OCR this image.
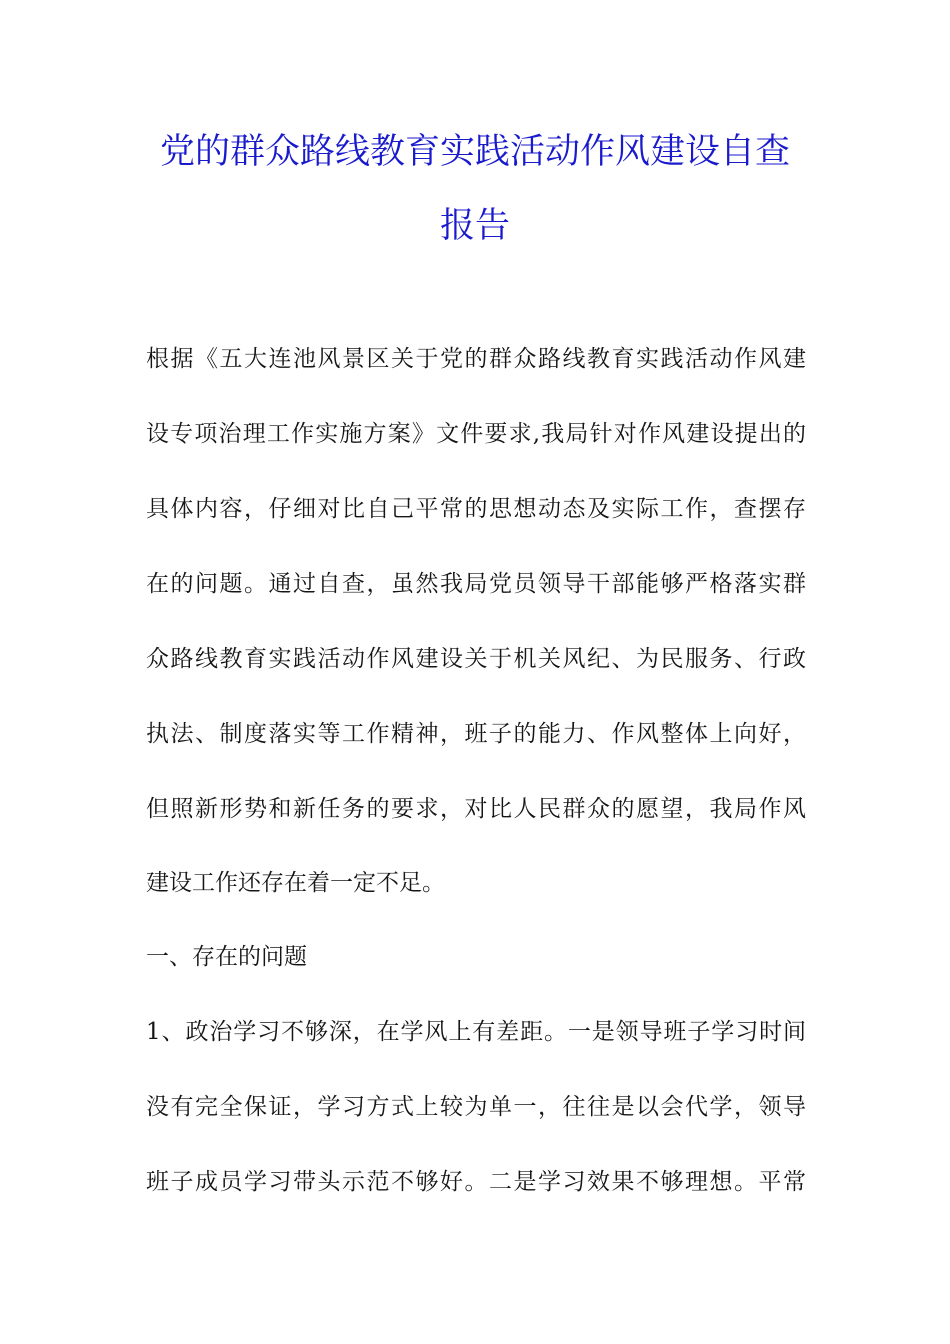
党的群众路线教育实践活动作风建设自查
报告
根据《五大连池风景区关于党的群众路线教育实践活动作风建
设专项治理工作实施方案》文件要求,我局针对作风建设提出的
具体内容，仔细对比自己平常的思想动态及实际工作，查摆存
在的问题。通过自查，虽然我局党员领导干部能够严格落实群
众路线教育实践活动作风建设关于机关风纪、为民服务、行政
执法、制度落实等工作精神，班子的能力、作风整体上向好，
但照新形势和新任务的要求，对比人民群众的愿望，我局作风
建设工作还存在着一定不足。
一、存在的问题
1、政治学习不够深，在学风上有差距。一是领导班子学习时间
没有完全保证，学习方式上较为单一，往往是以会代学，领导
班子成员学习带头示范不够好。二是学习效果不够理想。平常
